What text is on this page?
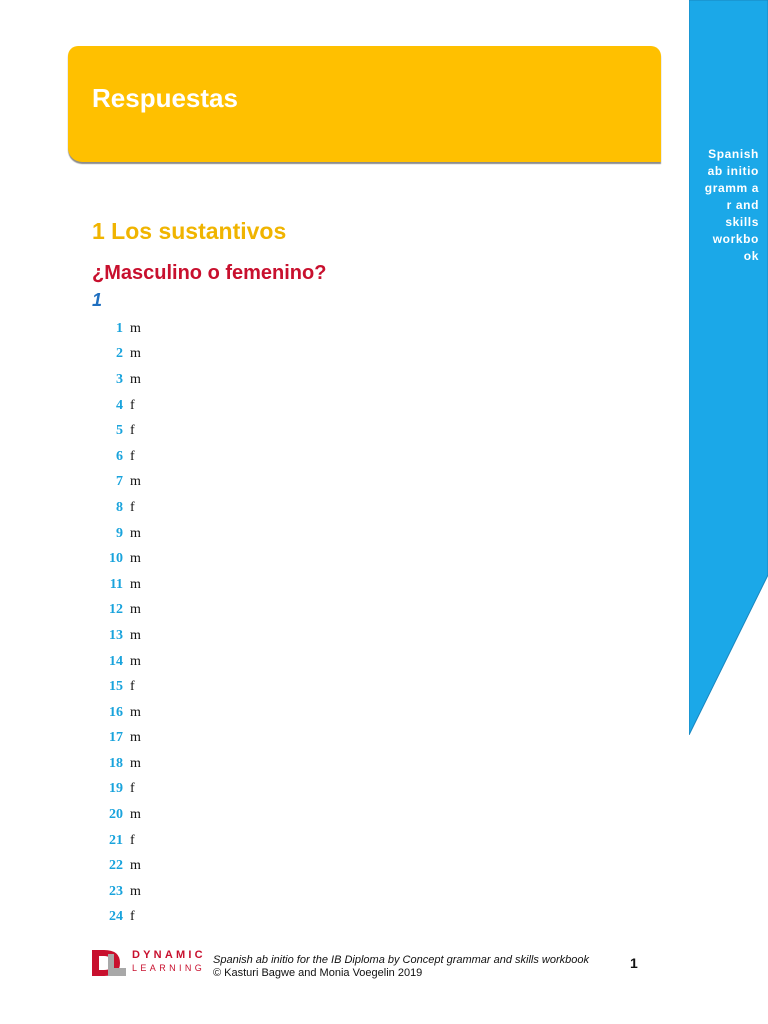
Respuestas
Spanish
ab initio
gramm a
r and
skills
workbo
ok
1 Los sustantivos
¿Masculino o femenino?
1
1 m
2 m
3 m
4 f
5 f
6 f
7 m
8 f
9 m
10 m
11 m
12 m
13 m
14 m
15 f
16 m
17 m
18 m
19 f
20 m
21 f
22 m
23 m
24 f
DYNAMIC
LEARNING
Spanish ab initio for the IB Diploma by Concept grammar and skills workbook
© Kasturi Bagwe and Monia Voegelin 2019
1
